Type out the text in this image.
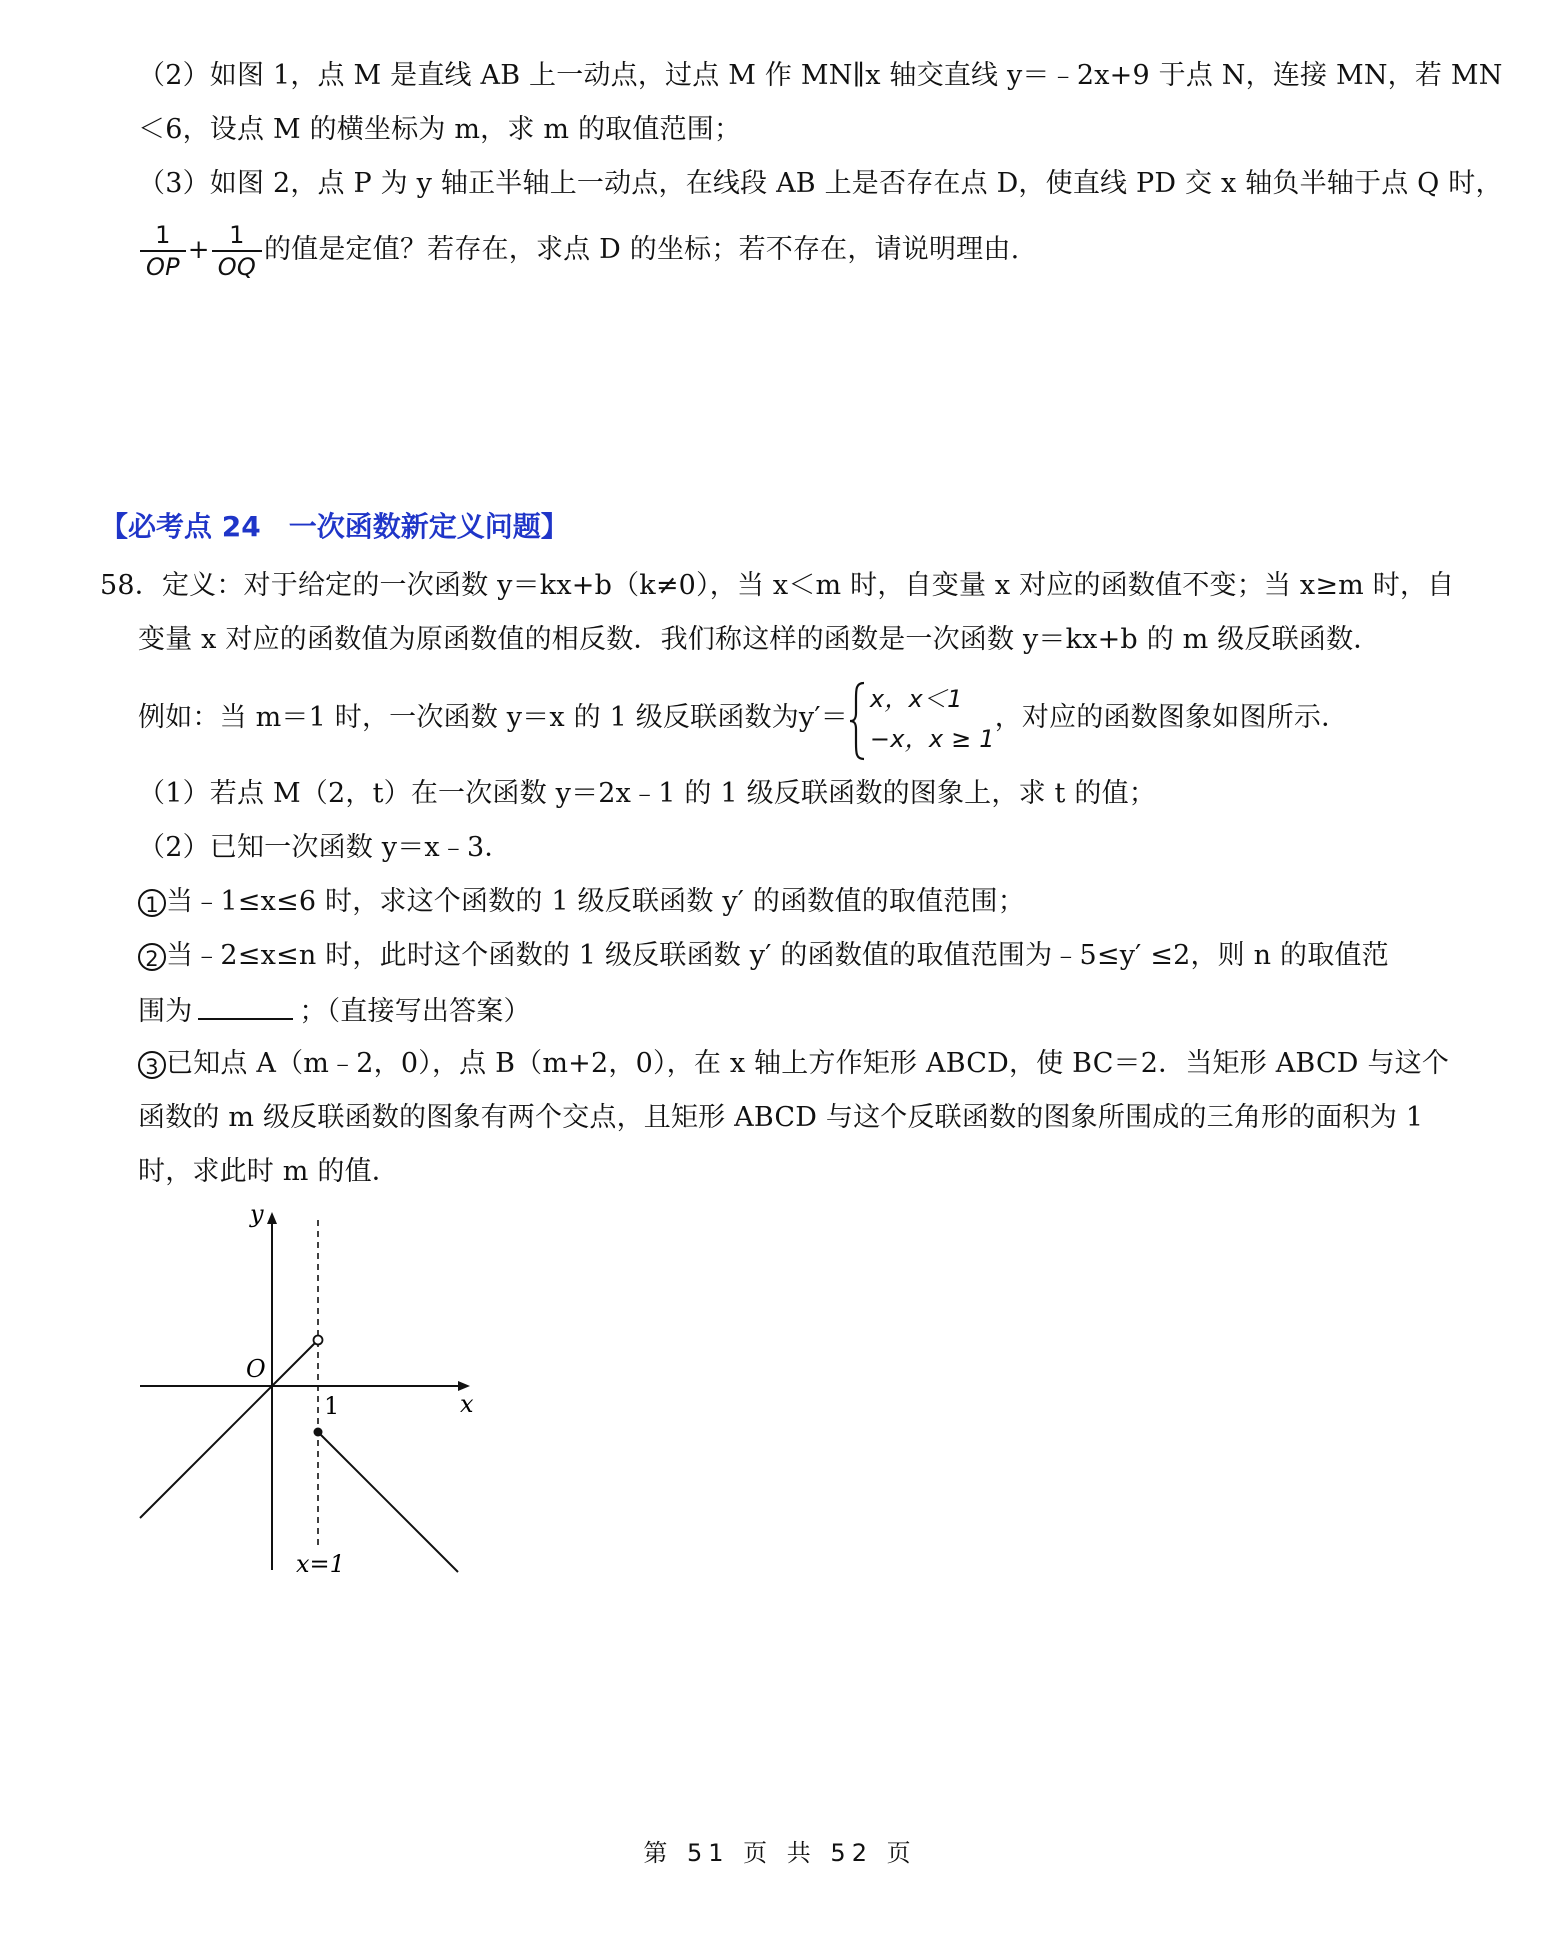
（2）如图 1，点 M 是直线 AB 上一动点，过点 M 作 MN∥x 轴交直线 y＝﹣2x+9 于点 N，连接 MN，若 MN
＜6，设点 M 的横坐标为 m，求 m 的取值范围；
（3）如图 2，点 P 为 y 轴正半轴上一动点，在线段 AB 上是否存在点 D，使直线 PD 交 x 轴负半轴于点 Q 时，
$\frac{1}{OP} + \frac{1}{OQ}$ 的值是定值？若存在，求点 D 的坐标；若不存在，请说明理由.
【必考点 24　一次函数新定义问题】
58．定义：对于给定的一次函数 y＝kx+b（k≠0），当 x＜m 时，自变量 x 对应的函数值不变；当 x≥m 时，自
变量 x 对应的函数值为原函数值的相反数．我们称这样的函数是一次函数 y＝kx+b 的 m 级反联函数．
例如：当 m＝1 时，一次函数 y＝x 的 1 级反联函数为y′＝
x，x＜1
−x，x ≥ 1
，对应的函数图象如图所示．
（1）若点 M（2，t）在一次函数 y＝2x﹣1 的 1 级反联函数的图象上，求 t 的值；
（2）已知一次函数 y＝x﹣3．
1 当﹣1≤x≤6 时，求这个函数的 1 级反联函数 y′ 的函数值的取值范围；
2 当﹣2≤x≤n 时，此时这个函数的 1 级反联函数 y′ 的函数值的取值范围为﹣5≤y′ ≤2，则 n 的取值范
围为	；（直接写出答案）
3 已知点 A（m﹣2，0），点 B（m+2，0），在 x 轴上方作矩形 ABCD，使 BC＝2．当矩形 ABCD 与这个
函数的 m 级反联函数的图象有两个交点，且矩形 ABCD 与这个反联函数的图象所围成的三角形的面积为 1
时，求此时 m 的值．
y
x
O
1
x=1
第 51 页 共 52 页
